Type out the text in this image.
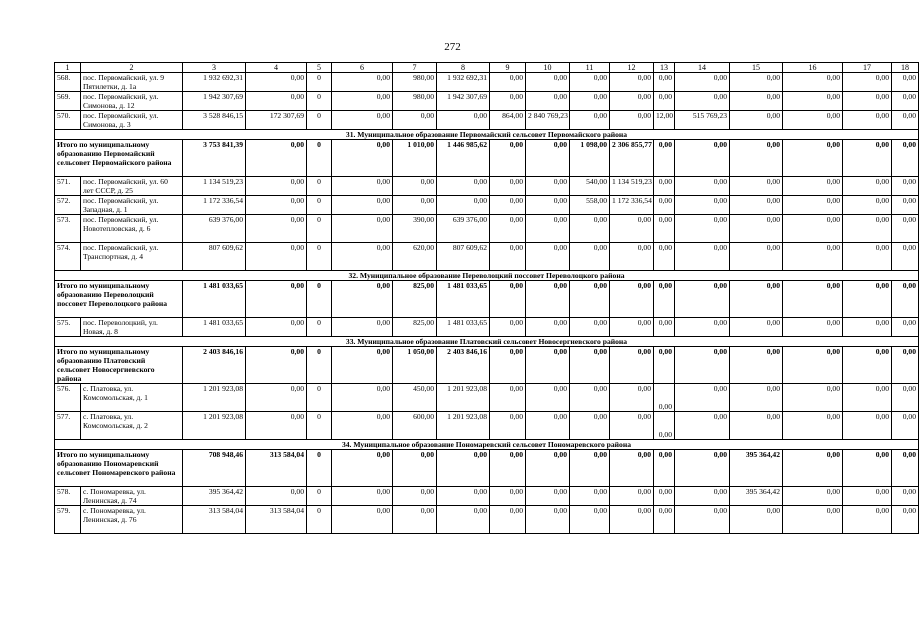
272
1	2	3	4	5	6	7	8	9	10	11	12	13	14	15	16	17	18
568.	пос. Первомайский, ул. 9 Пятилетки, д. 1а	1 932 692,31	0,00	0	0,00	980,00	1 932 692,31	0,00	0,00	0,00	0,00	0,00	0,00	0,00	0,00	0,00	0,00
569.	пос. Первомайский, ул. Симонова, д. 12	1 942 307,69	0,00	0	0,00	980,00	1 942 307,69	0,00	0,00	0,00	0,00	0,00	0,00	0,00	0,00	0,00	0,00
570.	пос. Первомайский, ул. Симонова, д. 3	3 528 846,15	172 307,69	0	0,00	0,00	0,00	864,00	2 840 769,23	0,00	0,00	12,00	515 769,23	0,00	0,00	0,00	0,00
31. Муниципальное образование Первомайский сельсовет Первомайского района																	
Итого по муниципальному образованию Первомайский сельсовет Первомайского района		3 753 841,39	0,00	0	0,00	1 010,00	1 446 985,62	0,00	0,00	1 098,00	2 306 855,77	0,00	0,00	0,00	0,00	0,00	0,00
571.	пос. Первомайский, ул. 60 лет СССР, д. 25	1 134 519,23	0,00	0	0,00	0,00	0,00	0,00	0,00	540,00	1 134 519,23	0,00	0,00	0,00	0,00	0,00	0,00
572.	пос. Первомайский, ул. Западная, д. 1	1 172 336,54	0,00	0	0,00	0,00	0,00	0,00	0,00	558,00	1 172 336,54	0,00	0,00	0,00	0,00	0,00	0,00
573.	пос. Первомайский, ул. Новотепловская, д. 6	639 376,00	0,00	0	0,00	390,00	639 376,00	0,00	0,00	0,00	0,00	0,00	0,00	0,00	0,00	0,00	0,00
574.	пос. Первомайский, ул. Транспортная, д. 4	807 609,62	0,00	0	0,00	620,00	807 609,62	0,00	0,00	0,00	0,00	0,00	0,00	0,00	0,00	0,00	0,00
32. Муниципальное образование Переволоцкий поссовет Переволоцкого района																	
Итого по муниципальному образованию Переволоцкий поссовет Переволоцкого района		1 481 033,65	0,00	0	0,00	825,00	1 481 033,65	0,00	0,00	0,00	0,00	0,00	0,00	0,00	0,00	0,00	0,00
575.	пос. Переволоцкий, ул. Новая, д. 8	1 481 033,65	0,00	0	0,00	825,00	1 481 033,65	0,00	0,00	0,00	0,00	0,00	0,00	0,00	0,00	0,00	0,00
33. Муниципальное образование Платовский сельсовет Новосергиевского района																	
Итого по муниципальному образованию Платовский сельсовет Новосергиевского района		2 403 846,16	0,00	0	0,00	1 050,00	2 403 846,16	0,00	0,00	0,00	0,00	0,00	0,00	0,00	0,00	0,00	0,00
576.	с. Платовка, ул. Комсомольская, д. 1	1 201 923,08	0,00	0	0,00	450,00	1 201 923,08	0,00	0,00	0,00	0,00	0,00	0,00	0,00	0,00	0,00	0,00
577.	с. Платовка, ул. Комсомольская, д. 2	1 201 923,08	0,00	0	0,00	600,00	1 201 923,08	0,00	0,00	0,00	0,00	0,00	0,00	0,00	0,00	0,00	0,00
34. Муниципальное образование Пономаревский сельсовет Пономаревского района																	
Итого по муниципальному образованию Пономаревский сельсовет Пономаревского района		708 948,46	313 584,04	0	0,00	0,00	0,00	0,00	0,00	0,00	0,00	0,00	0,00	395 364,42	0,00	0,00	0,00
578.	с. Пономаревка, ул. Ленинская, д. 74	395 364,42	0,00	0	0,00	0,00	0,00	0,00	0,00	0,00	0,00	0,00	0,00	395 364,42	0,00	0,00	0,00
579.	с. Пономаревка, ул. Ленинская, д. 76	313 584,04	313 584,04	0	0,00	0,00	0,00	0,00	0,00	0,00	0,00	0,00	0,00	0,00	0,00	0,00	0,00
